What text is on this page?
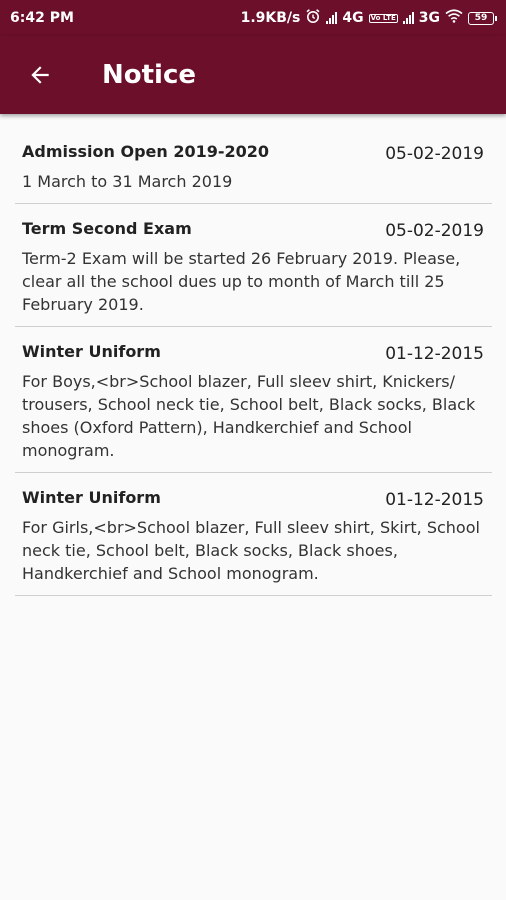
6:42 PM	1.9KB/s	4G Vo LTE 3G	59
Notice
Admission Open 2019-2020	05-02-2019
1 March to 31 March 2019
Term Second Exam	05-02-2019
Term-2 Exam will be started 26 February 2019. Please, clear all the school dues up to month of March till 25 February 2019.
Winter Uniform	01-12-2015
For Boys,<br>School blazer, Full sleev shirt, Knickers/ trousers, School neck tie, School belt, Black socks, Black shoes (Oxford Pattern), Handkerchief and School monogram.
Winter Uniform	01-12-2015
For Girls,<br>School blazer, Full sleev shirt, Skirt, School neck tie, School belt, Black socks, Black shoes, Handkerchief and School monogram.
